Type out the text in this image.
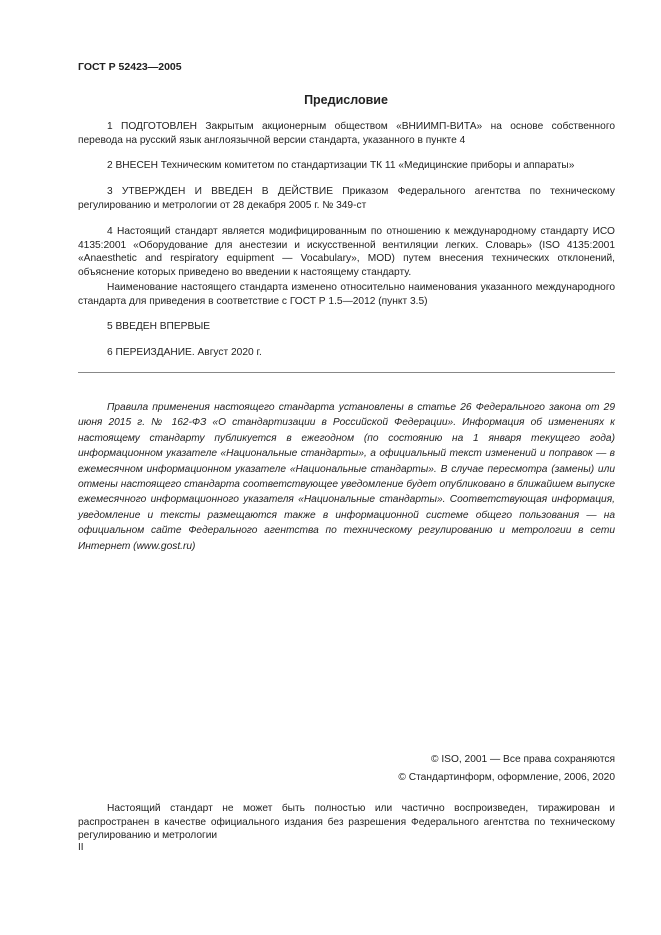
ГОСТ Р 52423—2005
Предисловие

1 ПОДГОТОВЛЕН Закрытым акционерным обществом «ВНИИМП-ВИТА» на основе собственного перевода на русский язык англоязычной версии стандарта, указанного в пункте 4

2 ВНЕСЕН Техническим комитетом по стандартизации ТК 11 «Медицинские приборы и аппараты»

3 УТВЕРЖДЕН И ВВЕДЕН В ДЕЙСТВИЕ Приказом Федерального агентства по техническому регулированию и метрологии от 28 декабря 2005 г. № 349-ст

4 Настоящий стандарт является модифицированным по отношению к международному стандарту ИСО 4135:2001 «Оборудование для анестезии и искусственной вентиляции легких. Словарь» (ISO 4135:2001 «Anaesthetic and respiratory equipment — Vocabulary», MOD) путем внесения технических отклонений, объяснение которых приведено во введении к настоящему стандарту.

Наименование настоящего стандарта изменено относительно наименования указанного международного стандарта для приведения в соответствие с ГОСТ Р 1.5—2012 (пункт 3.5)

5 ВВЕДЕН ВПЕРВЫЕ

6 ПЕРЕИЗДАНИЕ. Август 2020 г.

Правила применения настоящего стандарта установлены в статье 26 Федерального закона от 29 июня 2015 г. № 162-ФЗ «О стандартизации в Российской Федерации». Информация об изменениях к настоящему стандарту публикуется в ежегодном (по состоянию на 1 января текущего года) информационном указателе «Национальные стандарты», а официальный текст изменений и поправок — в ежемесячном информационном указателе «Национальные стандарты». В случае пересмотра (замены) или отмены настоящего стандарта соответствующее уведомление будет опубликовано в ближайшем выпуске ежемесячного информационного указателя «Национальные стандарты». Соответствующая информация, уведомление и тексты размещаются также в информационной системе общего пользования — на официальном сайте Федерального агентства по техническому регулированию и метрологии в сети Интернет (www.gost.ru)

© ISO, 2001 — Все права сохраняются
© Стандартинформ, оформление, 2006, 2020

Настоящий стандарт не может быть полностью или частично воспроизведен, тиражирован и распространен в качестве официального издания без разрешения Федерального агентства по техническому регулированию и метрологии

II
